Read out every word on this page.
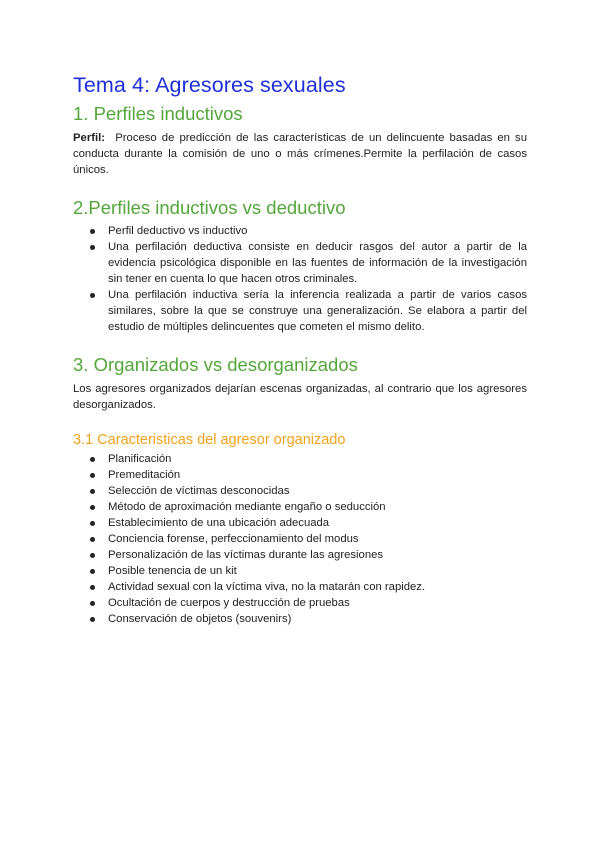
Tema 4: Agresores sexuales
1. Perfiles inductivos

Perfil: Proceso de predicción de las características de un delincuente basadas en su conducta durante la comisión de uno o más crímenes.Permite la perfilación de casos únicos.

2.Perfiles inductivos vs deductivo
Perfil deductivo vs inductivo
Una perfilación deductiva consiste en deducir rasgos del autor a partir de la evidencia psicológica disponible en las fuentes de información de la investigación sin tener en cuenta lo que hacen otros criminales.
Una perfilación inductiva sería la inferencia realizada a partir de varios casos similares, sobre la que se construye una generalización. Se elabora a partir del estudio de múltiples delincuentes que cometen el mismo delito.
3. Organizados vs desorganizados

Los agresores organizados dejarían escenas organizadas, al contrario que los agresores desorganizados.

3.1 Caracteristicas del agresor organizado
Planificación
Premeditación
Selección de víctimas desconocidas
Método de aproximación mediante engaño o seducción
Establecimiento de una ubicación adecuada
Conciencia forense, perfeccionamiento del modus
Personalización de las víctimas durante las agresiones
Posible tenencia de un kit
Actividad sexual con la víctima viva, no la matarán con rapidez.
Ocultación de cuerpos y destrucción de pruebas
Conservación de objetos (souvenirs)
